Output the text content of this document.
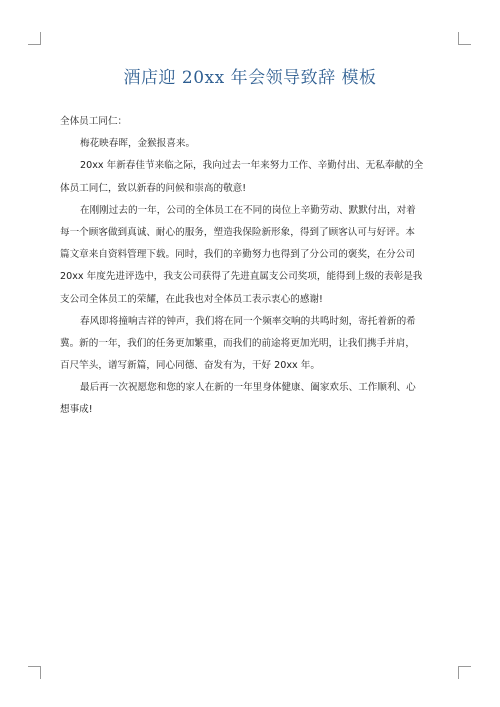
酒店迎 20xx 年会领导致辞 模板

全体员工同仁：

梅花映春晖，金猴报喜来。

20xx 年新春佳节来临之际，我向过去一年来努力工作、辛勤付出、无私奉献的全
体员工同仁，致以新春的问候和崇高的敬意!

在刚刚过去的一年，公司的全体员工在不同的岗位上辛勤劳动、默默付出，对着
每一个顾客做到真诚、耐心的服务，塑造我保险新形象，得到了顾客认可与好评。本
篇文章来自资料管理下载。同时，我们的辛勤努力也得到了分公司的褒奖，在分公司
20xx 年度先进评选中，我支公司获得了先进直属支公司奖项，能得到上级的表彰是我
支公司全体员工的荣耀，在此我也对全体员工表示衷心的感谢!

春风即将撞响吉祥的钟声，我们将在同一个频率交响的共鸣时刻，寄托着新的希
冀。新的一年，我们的任务更加繁重，而我们的前途将更加光明，让我们携手并肩，
百尺竿头，谱写新篇，同心同德、奋发有为，干好 20xx 年。

最后再一次祝愿您和您的家人在新的一年里身体健康、阖家欢乐、工作顺利、心
想事成!
